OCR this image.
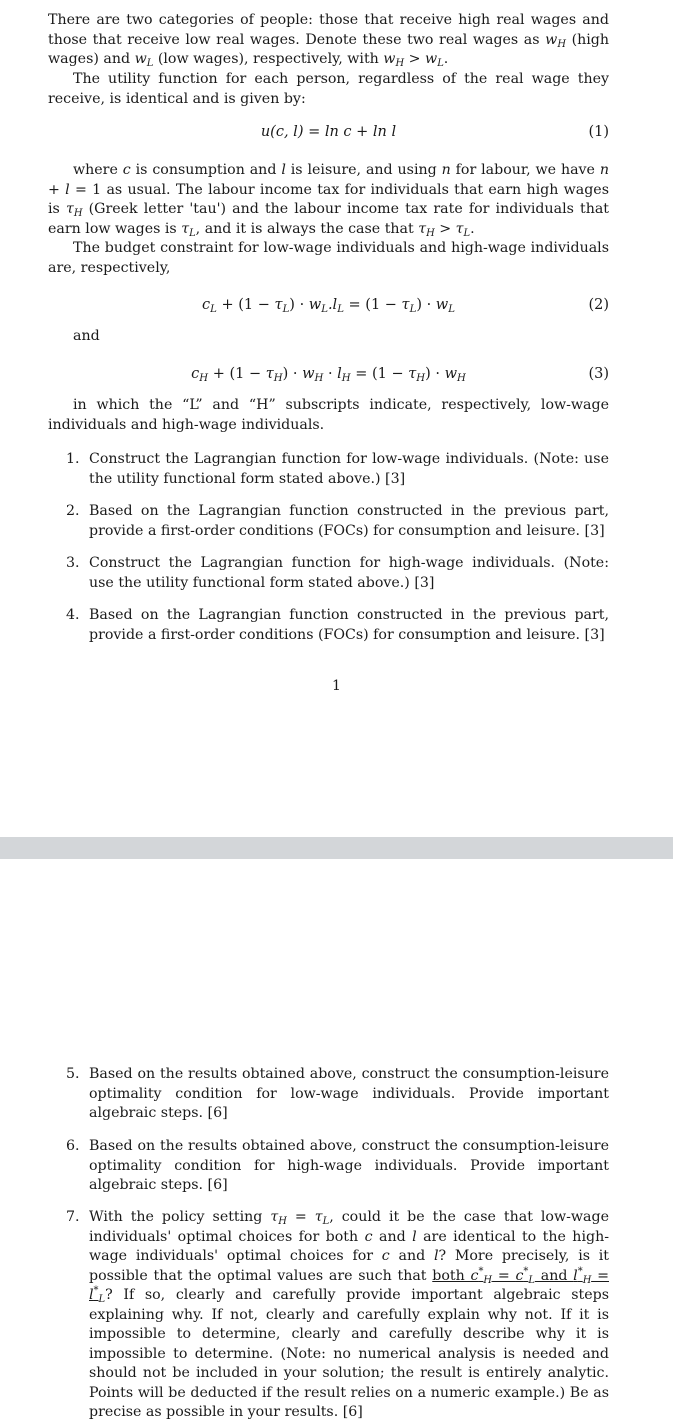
There are two categories of people: those that receive high real wages and those that receive low real wages. Denote these two real wages as $w_H$ (high wages) and $w_L$ (low wages), respectively, with $w_H > w_L$.

The utility function for each person, regardless of the real wage they receive, is identical and is given by:

u(c, l) = ln c + ln l	(1)

where c is consumption and l is leisure, and using n for labour, we have n + l = 1 as usual. The labour income tax for individuals that earn high wages is $\tau_H$ (Greek letter 'tau') and the labour income tax rate for individuals that earn low wages is $\tau_L$, and it is always the case that $\tau_H > \tau_L$.

The budget constraint for low-wage individuals and high-wage individuals are, respectively,

$c_L + (1 - \tau_L) \cdot w_L.l_L = (1 - \tau_L) \cdot w_L$	(2)

and

$c_H + (1 - \tau_H) \cdot w_H \cdot l_H = (1 - \tau_H) \cdot w_H$	(3)

in which the “L” and “H” subscripts indicate, respectively, low-wage individuals and high-wage individuals.

1. Construct the Lagrangian function for low-wage individuals. (Note: use the utility functional form stated above.) [3]
2. Based on the Lagrangian function constructed in the previous part, provide a first-order conditions (FOCs) for consumption and leisure. [3]
3. Construct the Lagrangian function for high-wage individuals. (Note: use the utility functional form stated above.) [3]
4. Based on the Lagrangian function constructed in the previous part, provide a first-order conditions (FOCs) for consumption and leisure. [3]
1
5. Based on the results obtained above, construct the consumption-leisure optimality condition for low-wage individuals. Provide important algebraic steps. [6]
6. Based on the results obtained above, construct the consumption-leisure optimality condition for high-wage individuals. Provide important algebraic steps. [6]
7. With the policy setting $\tau_H = \tau_L$, could it be the case that low-wage individuals' optimal choices for both c and l are identical to the high-wage individuals' optimal choices for c and l? More precisely, is it possible that the optimal values are such that both $c^*_H = c^*_L$ and $l^*_H = l^*_L$? If so, clearly and carefully provide important algebraic steps explaining why. If not, clearly and carefully explain why not. If it is impossible to determine, clearly and carefully describe why it is impossible to determine. (Note: no numerical analysis is needed and should not be included in your solution; the result is entirely analytic. Points will be deducted if the result relies on a numeric example.) Be as precise as possible in your results. [6]
